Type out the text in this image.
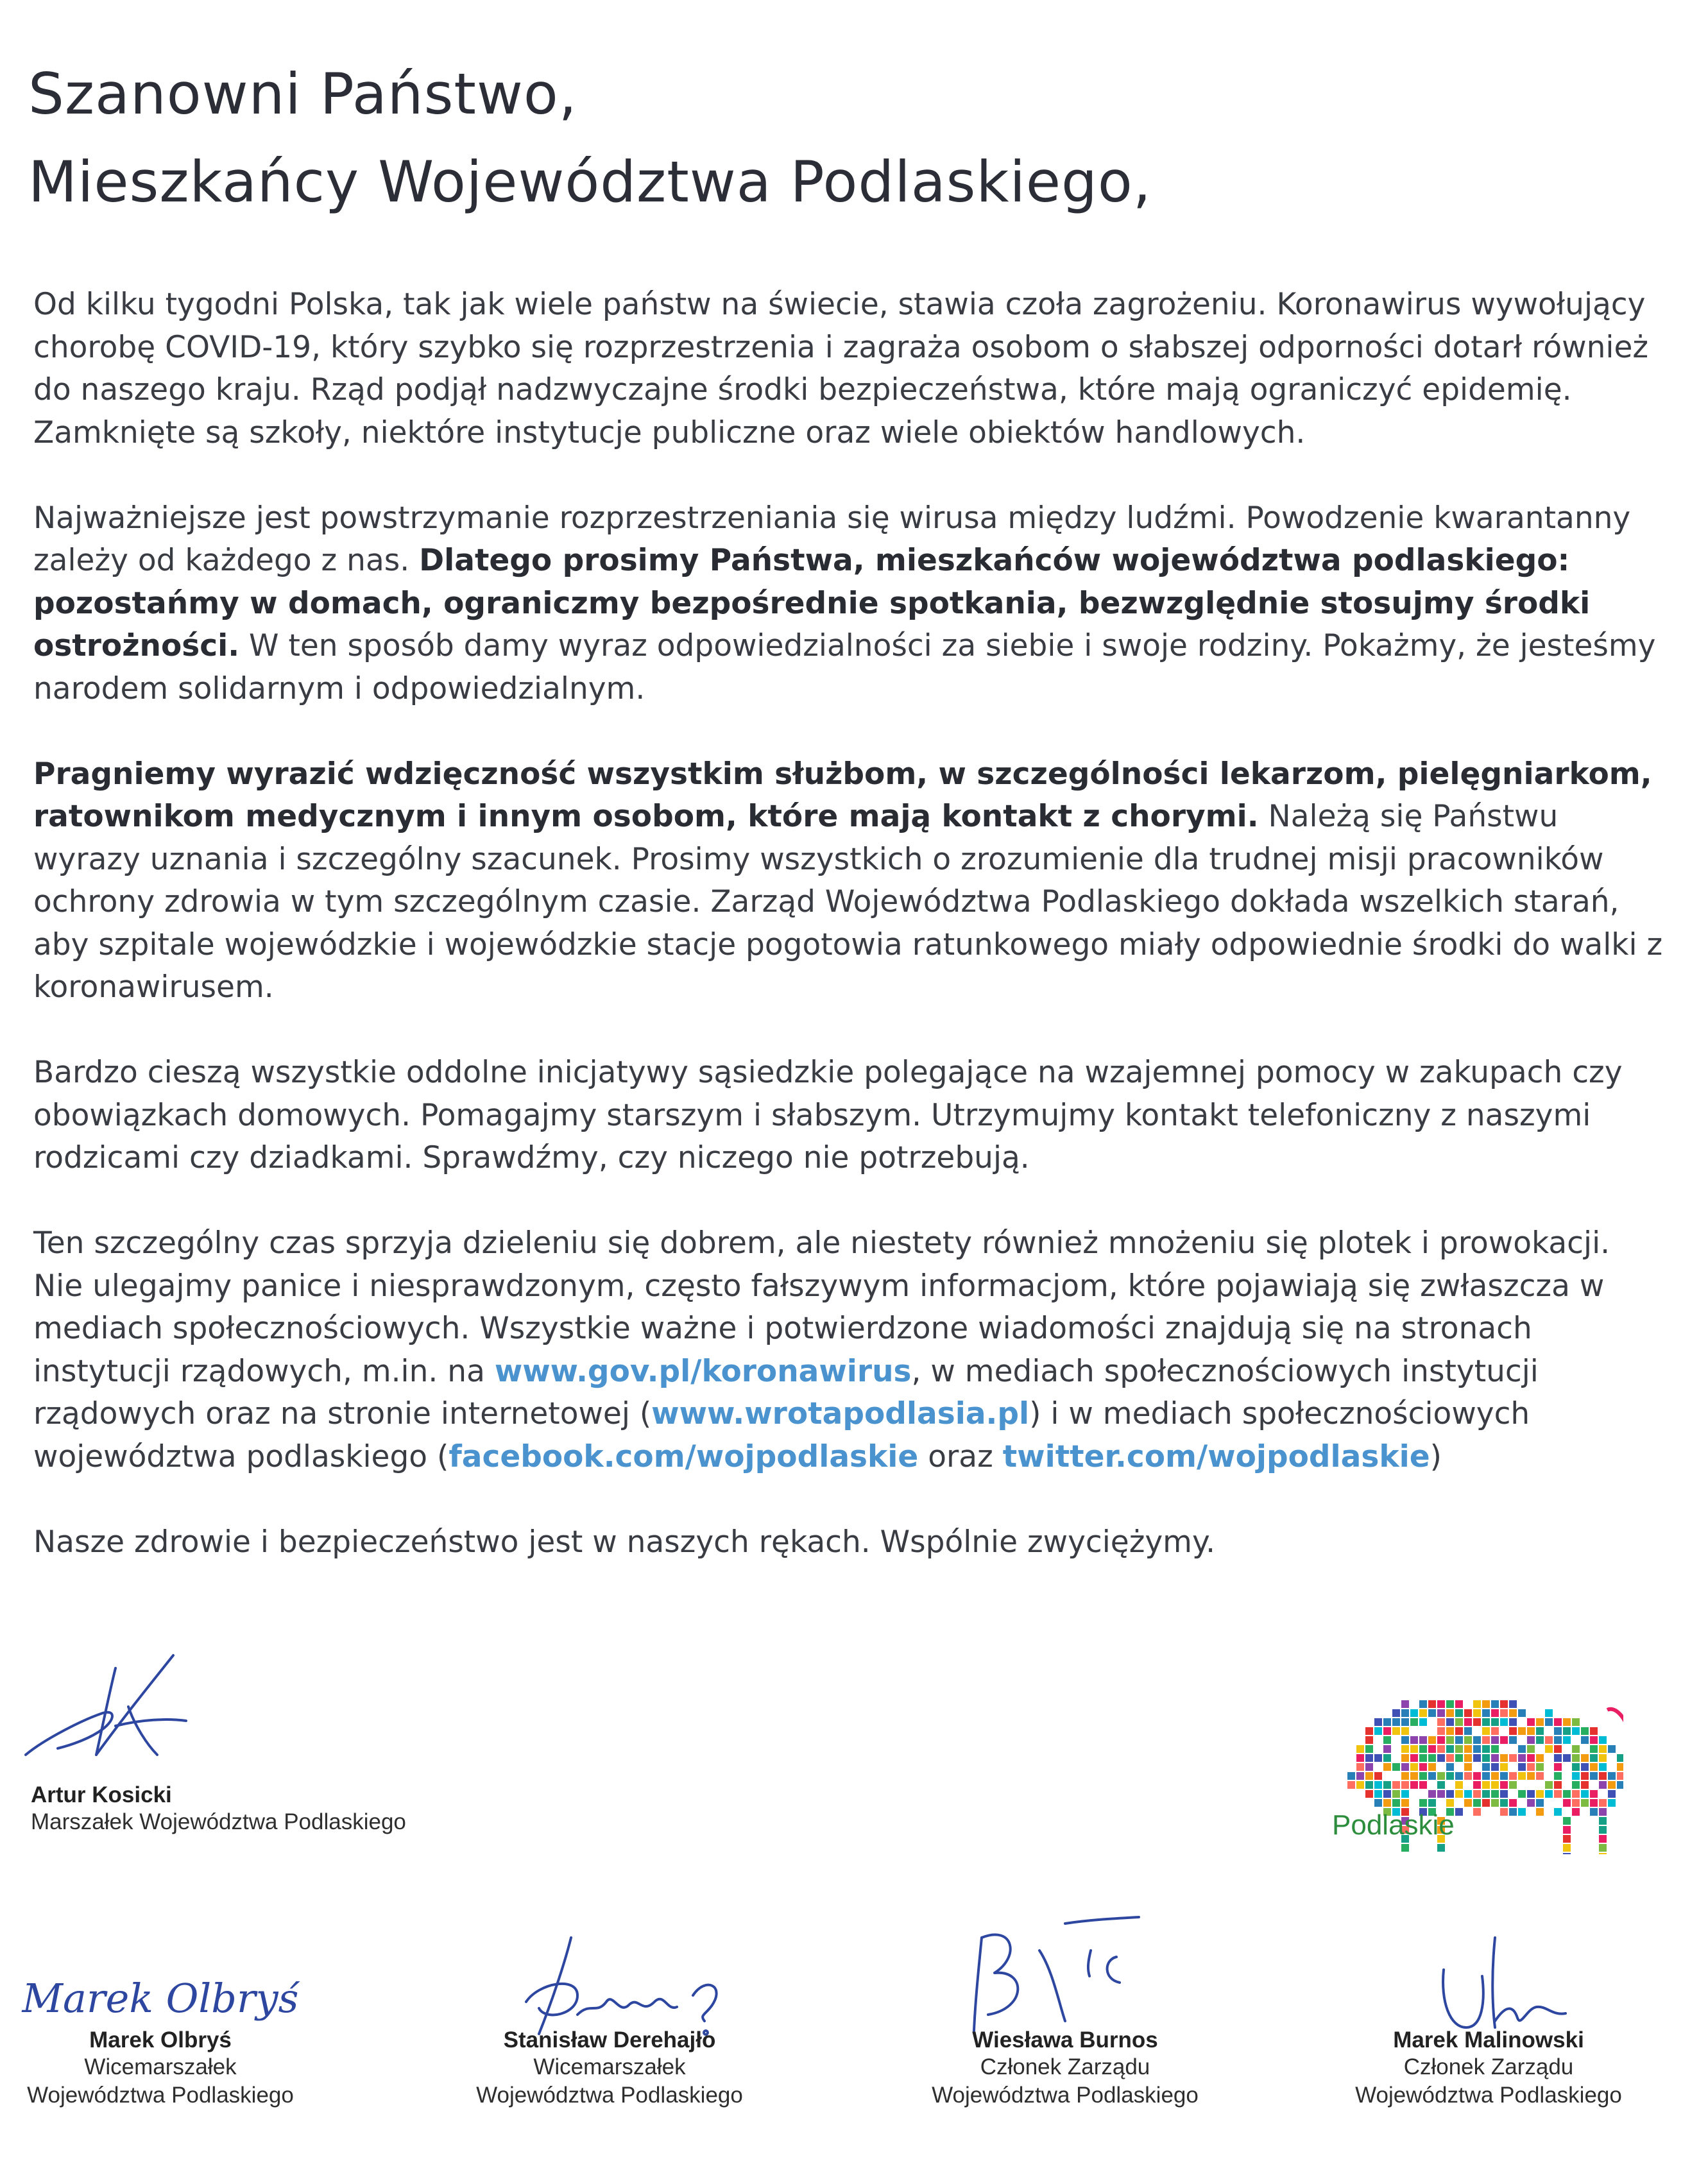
Szanowni Państwo,
Mieszkańcy Województwa Podlaskiego,

Od kilku tygodni Polska, tak jak wiele państw na świecie, stawia czoła zagrożeniu. Koronawirus wywołujący chorobę COVID-19, który szybko się rozprzestrzenia i zagraża osobom o słabszej odporności dotarł również do naszego kraju. Rząd podjął nadzwyczajne środki bezpieczeństwa, które mają ograniczyć epidemię. Zamknięte są szkoły, niektóre instytucje publiczne oraz wiele obiektów handlowych.

Najważniejsze jest powstrzymanie rozprzestrzeniania się wirusa między ludźmi. Powodzenie kwarantanny zależy od każdego z nas. Dlatego prosimy Państwa, mieszkańców województwa podlaskiego: pozostańmy w domach, ograniczmy bezpośrednie spotkania, bezwzględnie stosujmy środki ostrożności. W ten sposób damy wyraz odpowiedzialności za siebie i swoje rodziny. Pokażmy, że jesteśmy narodem solidarnym i odpowiedzialnym.

Pragniemy wyrazić wdzięczność wszystkim służbom, w szczególności lekarzom, pielęgniarkom, ratownikom medycznym i innym osobom, które mają kontakt z chorymi. Należą się Państwu wyrazy uznania i szczególny szacunek. Prosimy wszystkich o zrozumienie dla trudnej misji pracowników ochrony zdrowia w tym szczególnym czasie. Zarząd Województwa Podlaskiego dokłada wszelkich starań, aby szpitale wojewódzkie i wojewódzkie stacje pogotowia ratunkowego miały odpowiednie środki do walki z koronawirusem.

Bardzo cieszą wszystkie oddolne inicjatywy sąsiedzkie polegające na wzajemnej pomocy w zakupach czy obowiązkach domowych. Pomagajmy starszym i słabszym. Utrzymujmy kontakt telefoniczny z naszymi rodzicami czy dziadkami. Sprawdźmy, czy niczego nie potrzebują.

Ten szczególny czas sprzyja dzieleniu się dobrem, ale niestety również mnożeniu się plotek i prowokacji. Nie ulegajmy panice i niesprawdzonym, często fałszywym informacjom, które pojawiają się zwłaszcza w mediach społecznościowych. Wszystkie ważne i potwierdzone wiadomości znajdują się na stronach instytucji rządowych, m.in. na www.gov.pl/koronawirus, w mediach społecznościowych instytucji rządowych oraz na stronie internetowej (www.wrotapodlasia.pl) i w mediach społecznościowych województwa podlaskiego (facebook.com/wojpodlaskie oraz twitter.com/wojpodlaskie)

Nasze zdrowie i bezpieczeństwo jest w naszych rękach. Wspólnie zwyciężymy.

Artur Kosicki
Marszałek Województwa Podlaskiego	Podlaskie
Marek Olbryś
Marek Olbryś
Wicemarszałek
Województwa Podlaskiego
Stanisław Derehajło
Wicemarszałek
Województwa Podlaskiego
Wiesława Burnos
Członek Zarządu
Województwa Podlaskiego
Marek Malinowski
Członek Zarządu
Województwa Podlaskiego
